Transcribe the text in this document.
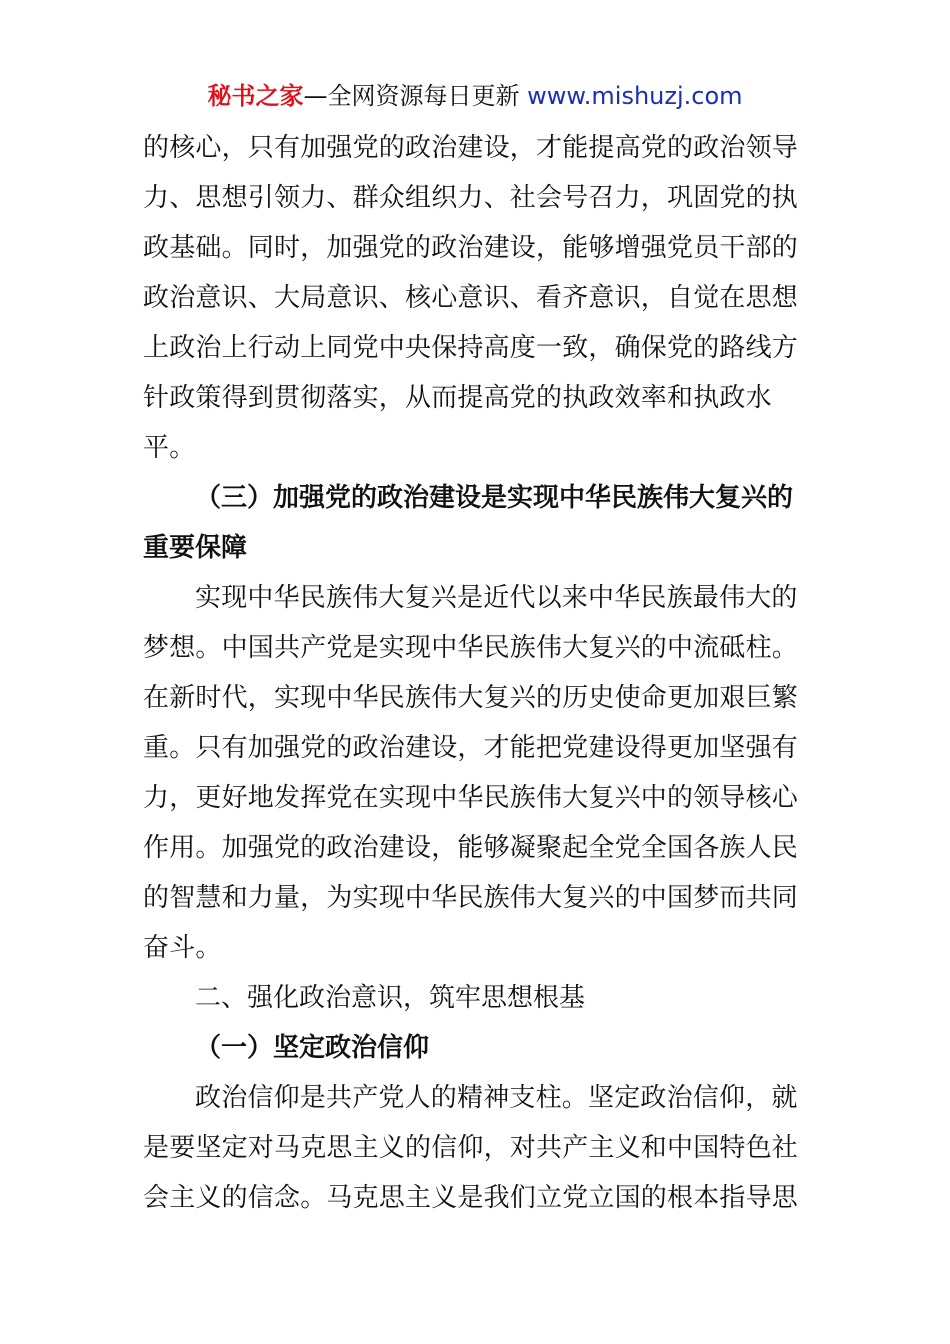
秘书之家—全网资源每日更新 www.mishuzj.com

的核心，只有加强党的政治建设，才能提高党的政治领导力、思想引领力、群众组织力、社会号召力，巩固党的执政基础。同时，加强党的政治建设，能够增强党员干部的政治意识、大局意识、核心意识、看齐意识，自觉在思想上政治上行动上同党中央保持高度一致，确保党的路线方针政策得到贯彻落实，从而提高党的执政效率和执政水平。

（三）加强党的政治建设是实现中华民族伟大复兴的重要保障

实现中华民族伟大复兴是近代以来中华民族最伟大的梦想。中国共产党是实现中华民族伟大复兴的中流砥柱。在新时代，实现中华民族伟大复兴的历史使命更加艰巨繁重。只有加强党的政治建设，才能把党建设得更加坚强有力，更好地发挥党在实现中华民族伟大复兴中的领导核心作用。加强党的政治建设，能够凝聚起全党全国各族人民的智慧和力量，为实现中华民族伟大复兴的中国梦而共同奋斗。

二、强化政治意识，筑牢思想根基

（一）坚定政治信仰

政治信仰是共产党人的精神支柱。坚定政治信仰，就是要坚定对马克思主义的信仰，对共产主义和中国特色社会主义的信念。马克思主义是我们立党立国的根本指导思
